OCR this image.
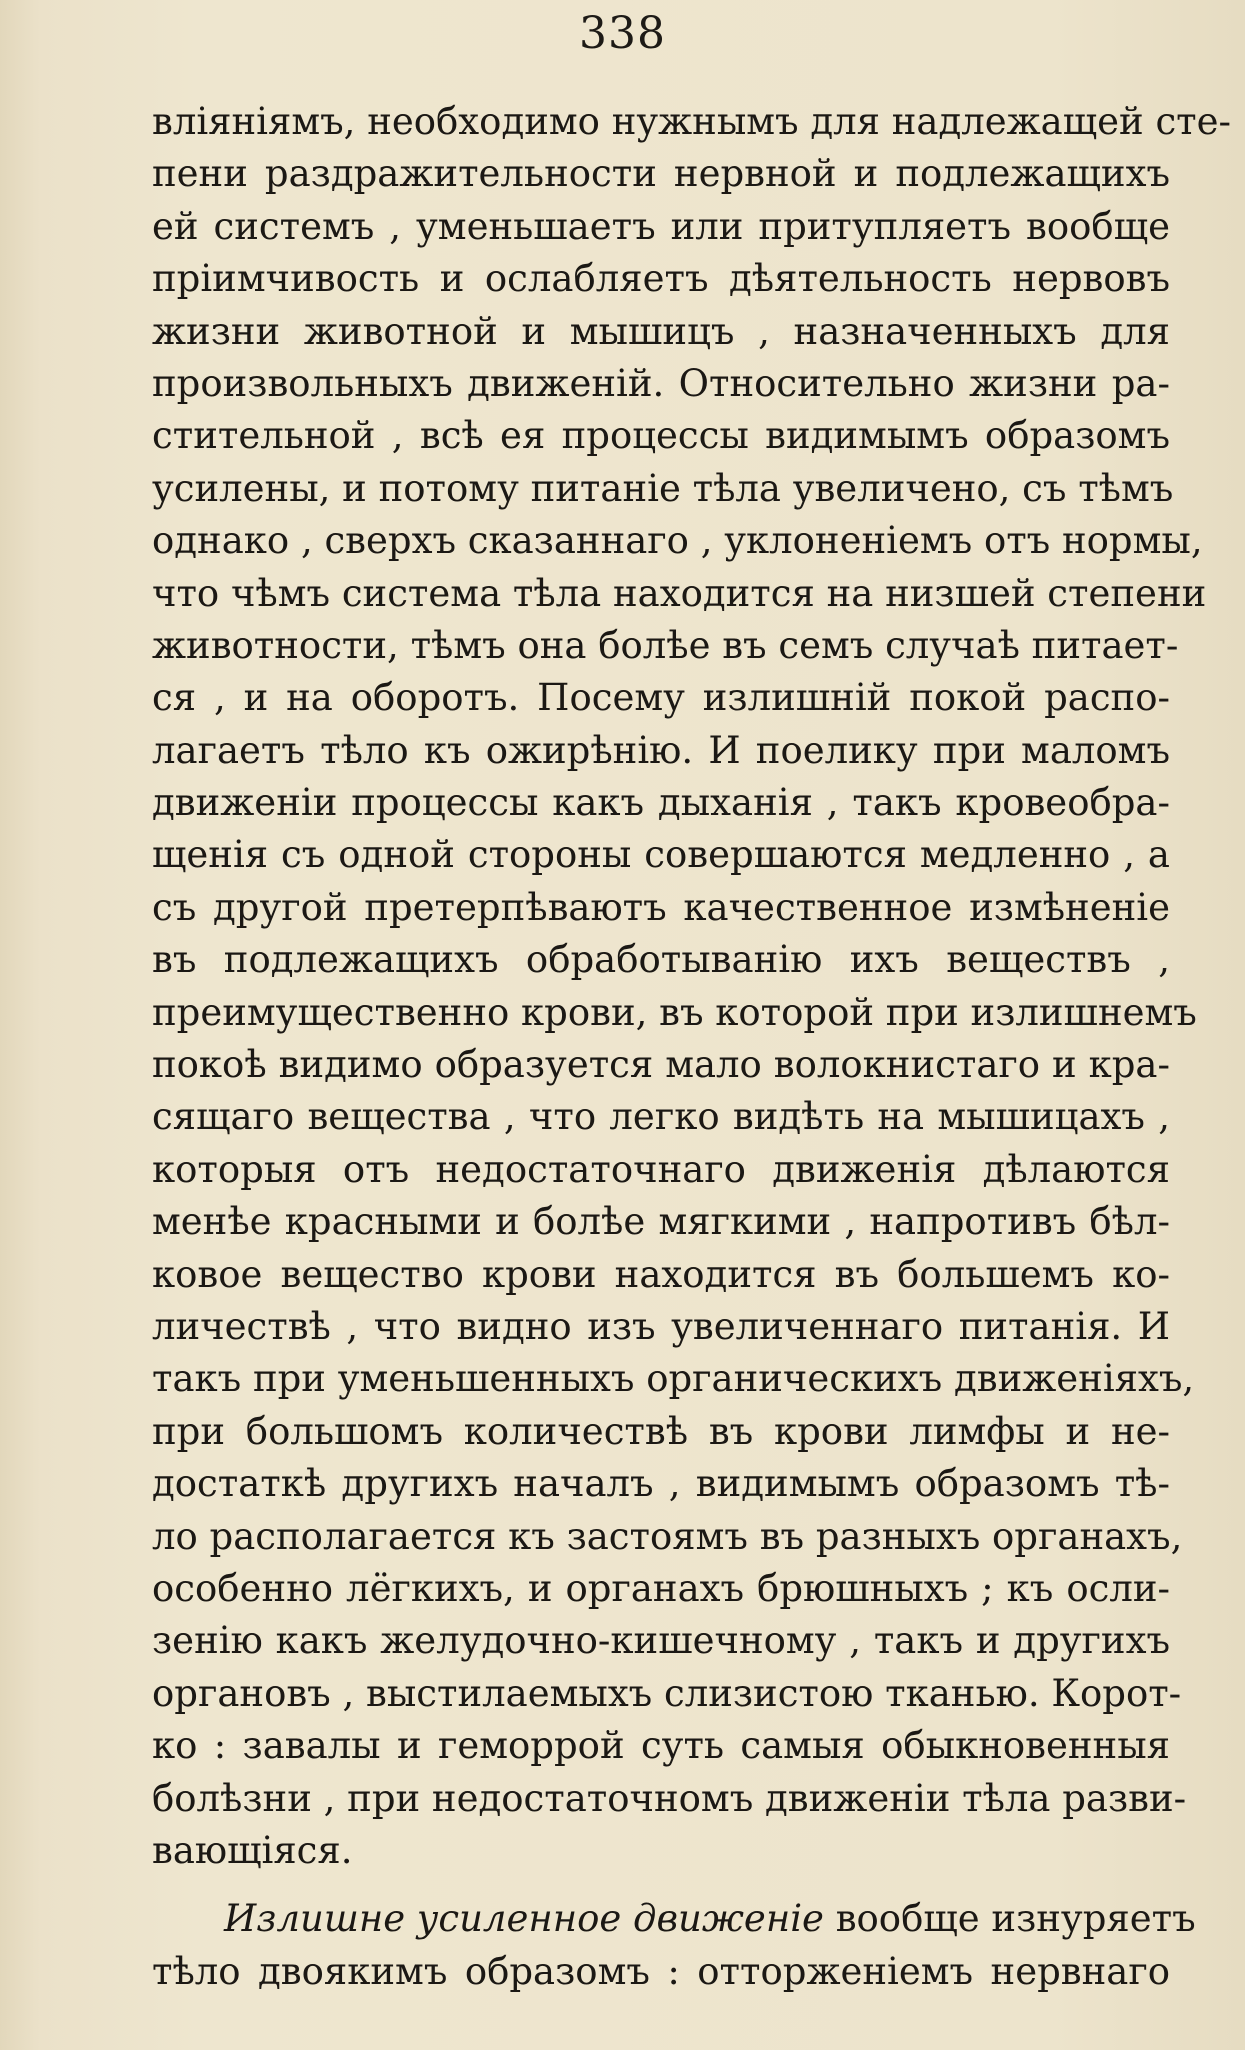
338
вліяніямъ, необходимо нужнымъ для надлежащей сте-
пени раздражительности нервной и подлежащихъ
ей системъ , уменьшаетъ или притупляетъ вообще
пріимчивость и ослабляетъ дѣятельность нервовъ
жизни животной и мышицъ , назначенныхъ для
произвольныхъ движеній. Относительно жизни ра-
стительной , всѣ ея процессы видимымъ образомъ
усилены, и потому питаніе тѣла увеличено, съ тѣмъ
однако , сверхъ сказаннаго , уклоненіемъ отъ нормы,
что чѣмъ система тѣла находится на низшей степени
животности, тѣмъ она болѣе въ семъ случаѣ питает-
ся , и на оборотъ. Посему излишній покой распо-
лагаетъ тѣло къ ожирѣнію. И поелику при маломъ
движеніи процессы какъ дыханія , такъ кровеобра-
щенія съ одной стороны совершаются медленно , а
съ другой претерпѣваютъ качественное измѣненіе
въ подлежащихъ обработыванію ихъ веществъ ,
преимущественно крови, въ которой при излишнемъ
покоѣ видимо образуется мало волокнистаго и кра-
сящаго вещества , что легко видѣть на мышицахъ ,
которыя отъ недостаточнаго движенія дѣлаются
менѣе красными и болѣе мягкими , напротивъ бѣл-
ковое вещество крови находится въ большемъ ко-
личествѣ , что видно изъ увеличеннаго питанія. И
такъ при уменьшенныхъ органическихъ движеніяхъ,
при большомъ количествѣ въ крови лимфы и не-
достаткѣ другихъ началъ , видимымъ образомъ тѣ-
ло располагается къ застоямъ въ разныхъ органахъ,
особенно лёгкихъ, и органахъ брюшныхъ ; къ осли-
зенію какъ желудочно-кишечному , такъ и другихъ
органовъ , выстилаемыхъ слизистою тканью. Корот-
ко : завалы и геморрой суть самыя обыкновенныя
болѣзни , при недостаточномъ движеніи тѣла разви-
вающіяся.
Излишне усиленное движеніе вообще изнуряетъ
тѣло двоякимъ образомъ : отторженіемъ нервнаго
